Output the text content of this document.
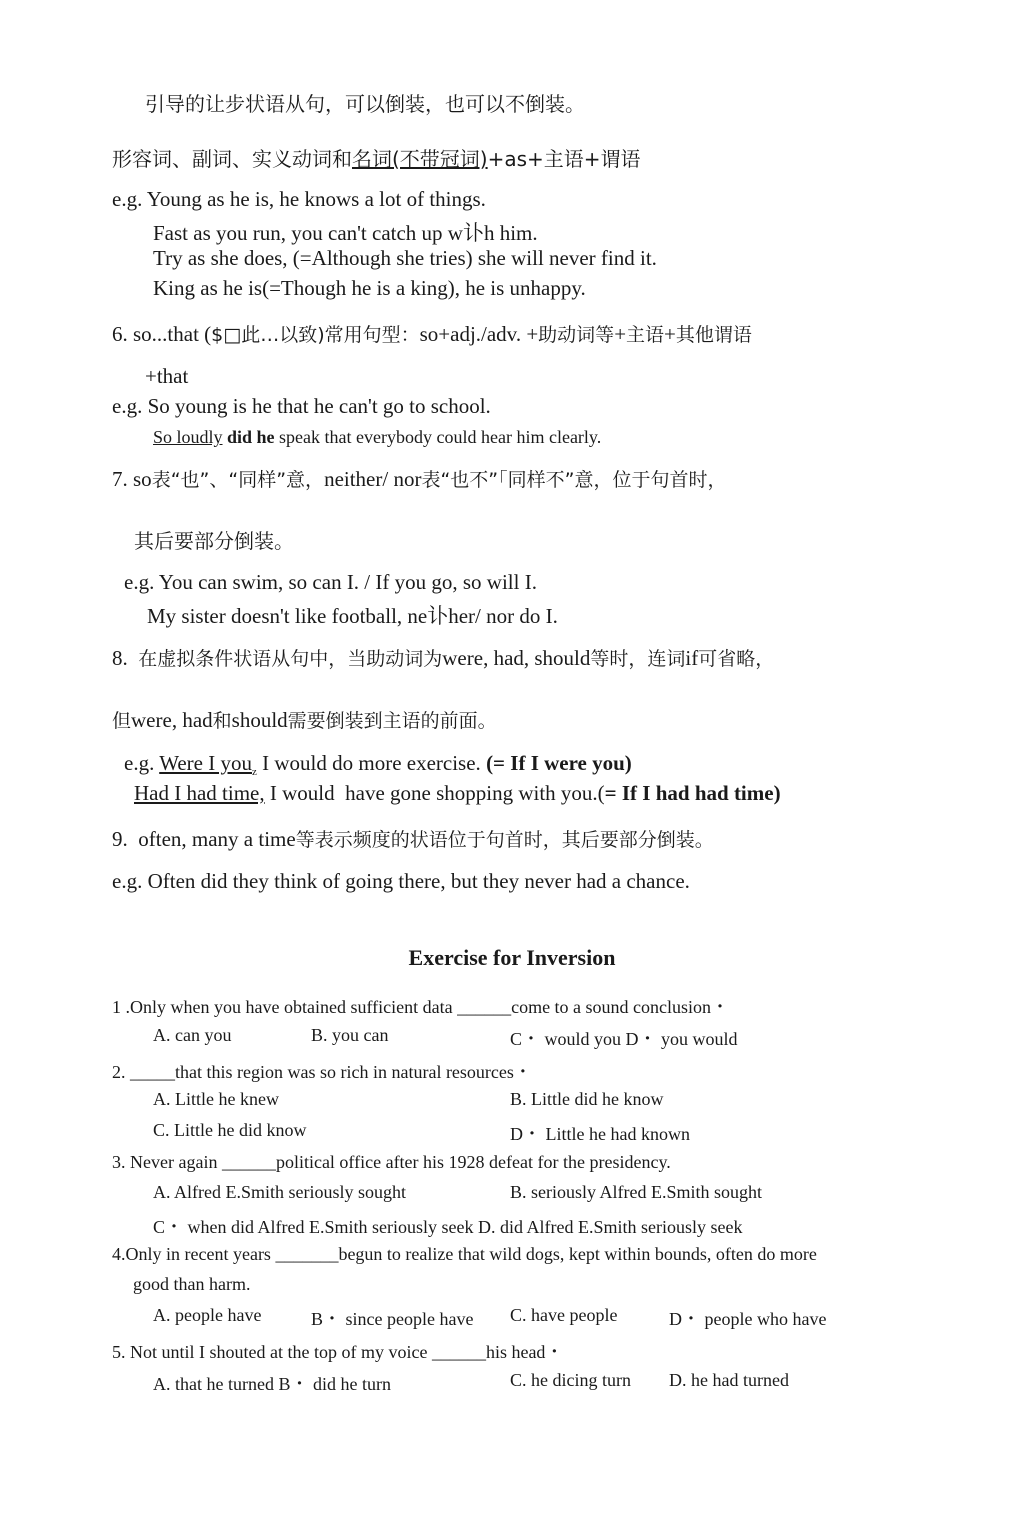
引导的让步状语从句，可以倒装，也可以不倒装。
形容词、副词、实义动词和名词(不带冠词)+as+主语+谓语
e.g. Young as he is, he knows a lot of things.
Fast as you run, you can't catch up w讣h him.
Try as she does, (=Although she tries) she will never find it.
King as he is(=Though he is a king), he is unhappy.
6. so...that ($□此…以致)常用句型：so+adj./adv. +助动词等+主语+其他谓语
+that
e.g. So young is he that he can't go to school.
So loudly did he speak that everybody could hear him clearly.
7. so表“也”、“同样”意，neither/ nor表“也不”「同样不”意，位于句首时，
其后要部分倒装。
e.g. You can swim, so can I. / If you go, so will I.
My sister doesn't like football, ne讣her/ nor do I.
8.  在虚拟条件状语从句中，当助动词为were, had, should等时，连词if可省略，
但were, had和should需要倒装到主语的前面。
e.g. Were I you$_z$ I would do more exercise. (= If I were you)
Had I had time, I would  have gone shopping with you.(= If I had had time)
9.  often, many a time等表示频度的状语位于句首时，其后要部分倒装。
e.g. Often did they think of going there, but they never had a chance.
Exercise for Inversion
1 .Only when you have obtained sufficient data ______come to a sound conclusion・
A. can you	B. you can	C・ would you D・ you would
2. _____that this region was so rich in natural resources・
A. Little he knew	B. Little did he know
C. Little he did know	D・ Little he had known
3. Never again ______political office after his 1928 defeat for the presidency.
A. Alfred E.Smith seriously sought	B. seriously Alfred E.Smith sought
C・ when did Alfred E.Smith seriously seek D. did Alfred E.Smith seriously seek
4.Only in recent years _______begun to realize that wild dogs, kept within bounds, often do more
good than harm.
A. people have	B・ since people have C. have people	D・ people who have
5. Not until I shouted at the top of my voice ______his head・
A. that he turned B・ did he turn	C. he dicing turn D. he had turned
